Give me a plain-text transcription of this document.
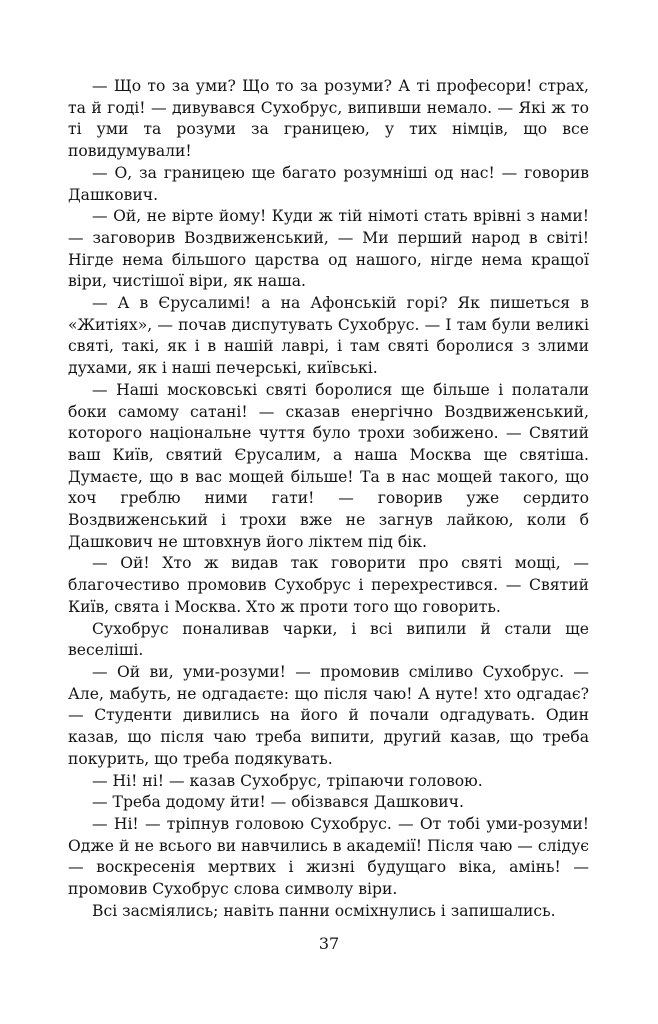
— Що то за уми? Що то за розуми? А ті професори! страх, та й годі! — дивувався Сухобрус, випивши немало. — Які ж то ті уми та розуми за границею, у тих німців, що все повидумували!

— О, за границею ще багато розумніші од нас! — говорив Дашкович.

— Ой, не вірте йому! Куди ж тій німоті стать врівні з нами! — заговорив Воздвиженський, — Ми перший народ в світі! Нігде нема більшого царства од нашого, нігде нема кращої віри, чистішої віри, як наша.

— А в Єрусалимі! а на Афонській горі? Як пишеться в «Житіях», — почав диспутувать Сухобрус. — І там були великі святі, такі, як і в нашій лаврі, і там святі боролися з злими духами, як і наші печерські, київські.

— Наші московські святі боролися ще більше і полатали боки самому сатані! — сказав енергічно Воздвиженський, которого національне чуття було трохи зобижено. — Святий ваш Київ, святий Єрусалим, а наша Москва ще святіша. Думаєте, що в вас мощей більше! Та в нас мощей такого, що хоч греблю ними гати! — говорив уже сердито Воздвиженський і трохи вже не загнув лайкою, коли б Дашкович не штовхнув його ліктем під бік.

— Ой! Хто ж видав так говорити про святі мощі, — благочестиво промовив Сухобрус і перехрестився. — Святий Київ, свята і Москва. Хто ж проти того що говорить.

Сухобрус поналивав чарки, і всі випили й стали ще веселіші.

— Ой ви, уми-розуми! — промовив сміливо Сухобрус. — Але, мабуть, не одгадаєте: що після чаю! А нуте! хто одгадає? — Студенти дивились на його й почали одгадувать. Один казав, що після чаю треба випити, другий казав, що треба покурить, що треба подякувать.

— Ні! ні! — казав Сухобрус, тріпаючи головою.

— Треба додому йти! — обізвався Дашкович.

— Ні! — тріпнув головою Сухобрус. — От тобі уми-розуми! Одже й не всього ви навчились в академії! Після чаю — слідує — воскресенія мертвих і жизні будущаго віка, амінь! — промовив Сухобрус слова символу віри.

Всі засміялись; навіть панни осміхнулись і запишались.

37
